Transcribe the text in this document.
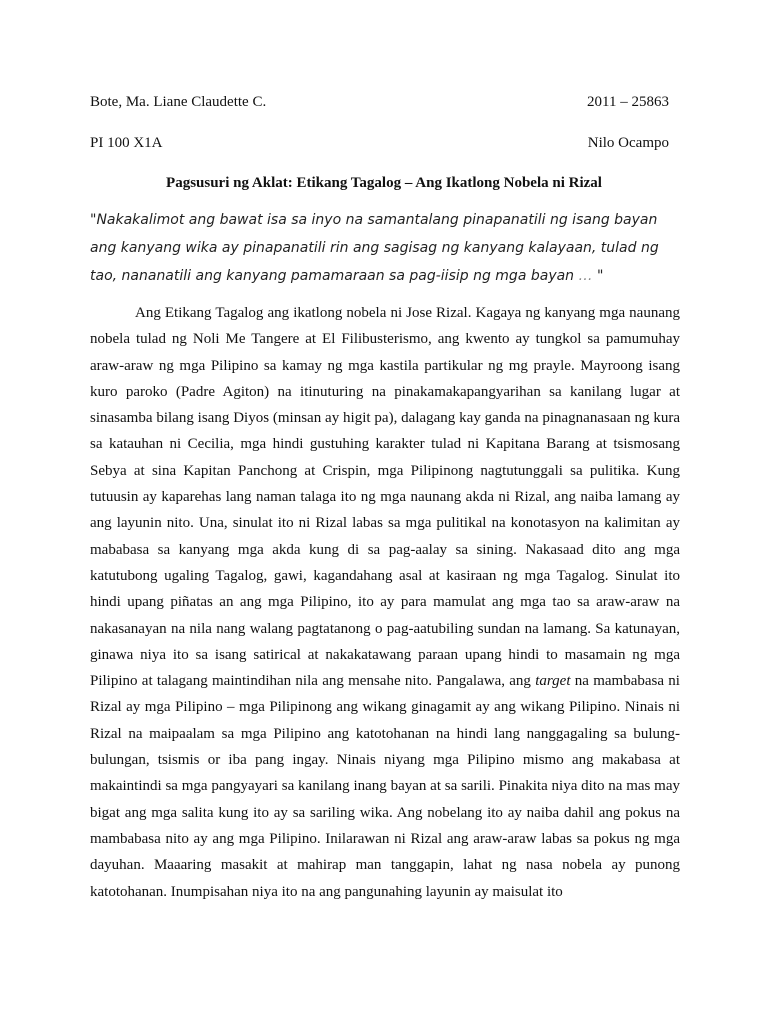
Bote, Ma. Liane Claudette C.	2011 – 25863
PI 100 X1A	Nilo Ocampo
Pagsusuri ng Aklat: Etikang Tagalog – Ang Ikatlong Nobela ni Rizal
"Nakakalimot ang bawat isa sa inyo na samantalang pinapanatili ng isang bayan ang kanyang wika ay pinapanatili rin ang sagisag ng kanyang kalayaan, tulad ng tao, nananatili ang kanyang pamamaraan sa pag-iisip ng mga bayan … "
Ang Etikang Tagalog ang ikatlong nobela ni Jose Rizal. Kagaya ng kanyang mga naunang nobela tulad ng Noli Me Tangere at El Filibusterismo, ang kwento ay tungkol sa pamumuhay araw-araw ng mga Pilipino sa kamay ng mga kastila partikular ng mg prayle. Mayroong isang kuro paroko (Padre Agiton) na itinuturing na pinakamakapangyarihan sa kanilang lugar at sinasamba bilang isang Diyos (minsan ay higit pa), dalagang kay ganda na pinagnanasaan ng kura sa katauhan ni Cecilia, mga hindi gustuhing karakter tulad ni Kapitana Barang at tsismosang Sebya at sina Kapitan Panchong at Crispin, mga Pilipinong nagtutunggali sa pulitika. Kung tutuusin ay kaparehas lang naman talaga ito ng mga naunang akda ni Rizal, ang naiba lamang ay ang layunin nito. Una, sinulat ito ni Rizal labas sa mga pulitikal na konotasyon na kalimitan ay mababasa sa kanyang mga akda kung di sa pag-aalay sa sining. Nakasaad dito ang mga katutubong ugaling Tagalog, gawi, kagandahang asal at kasiraan ng mga Tagalog. Sinulat ito hindi upang piñatas an ang mga Pilipino, ito ay para mamulat ang mga tao sa araw-araw na nakasanayan na nila nang walang pagtatanong o pag-aatubiling sundan na lamang. Sa katunayan, ginawa niya ito sa isang satirical at nakakatawang paraan upang hindi to masamain ng mga Pilipino at talagang maintindihan nila ang mensahe nito. Pangalawa, ang target na mambabasa ni Rizal ay mga Pilipino – mga Pilipinong ang wikang ginagamit ay ang wikang Pilipino. Ninais ni Rizal na maipaalam sa mga Pilipino ang katotohanan na hindi lang nanggagaling sa bulung-bulungan, tsismis or iba pang ingay. Ninais niyang mga Pilipino mismo ang makabasa at makaintindi sa mga pangyayari sa kanilang inang bayan at sa sarili. Pinakita niya dito na mas may bigat ang mga salita kung ito ay sa sariling wika. Ang nobelang ito ay naiba dahil ang pokus na mambabasa nito ay ang mga Pilipino. Inilarawan ni Rizal ang araw-araw labas sa pokus ng mga dayuhan. Maaaring masakit at mahirap man tanggapin, lahat ng nasa nobela ay punong katotohanan. Inumpisahan niya ito na ang pangunahing layunin ay maisulat ito
